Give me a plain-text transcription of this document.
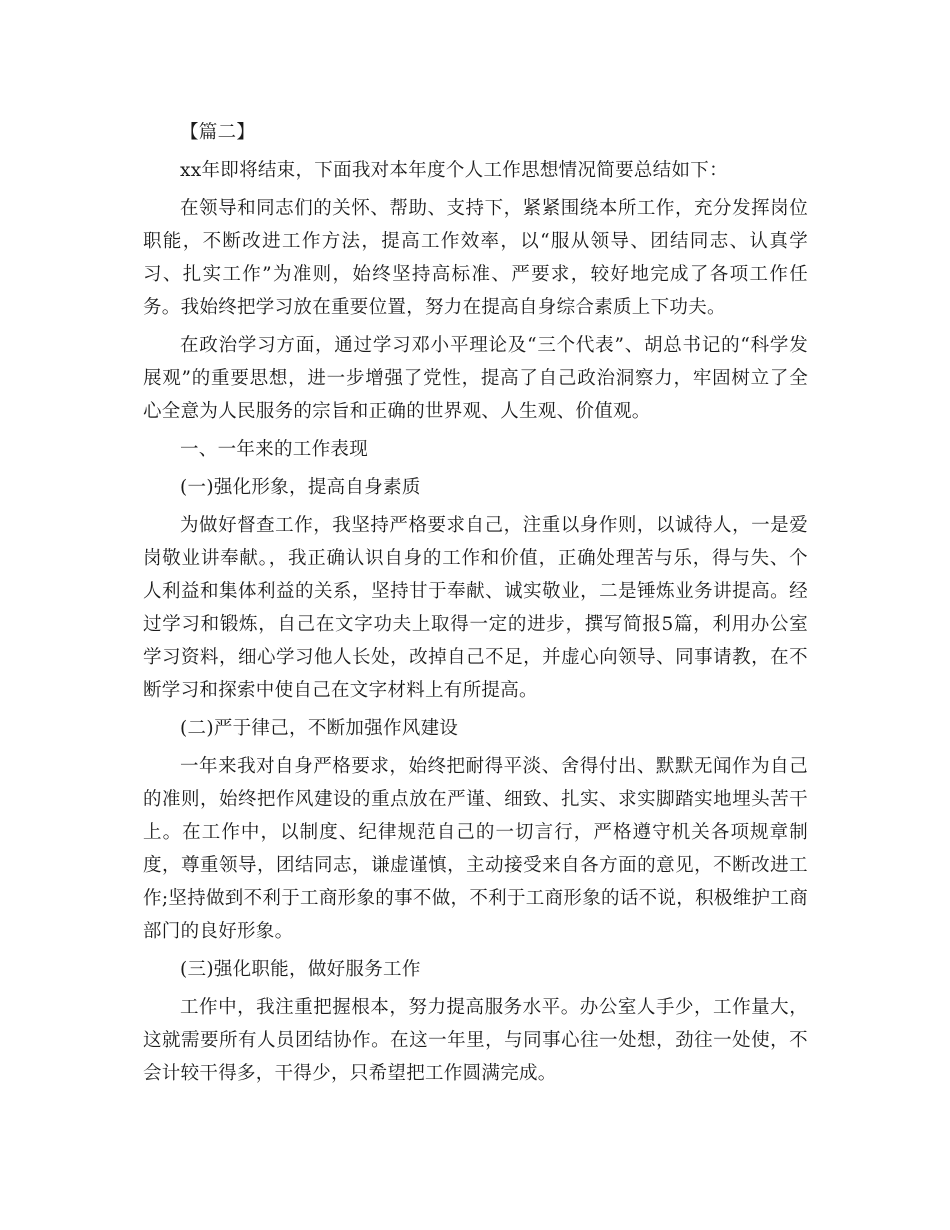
【篇二】

xx年即将结束，下面我对本年度个人工作思想情况简要总结如下：

在领导和同志们的关怀、帮助、支持下，紧紧围绕本所工作，充分发挥岗位职能，不断改进工作方法，提高工作效率，以“服从领导、团结同志、认真学习、扎实工作”为准则，始终坚持高标准、严要求，较好地完成了各项工作任务。我始终把学习放在重要位置，努力在提高自身综合素质上下功夫。

在政治学习方面，通过学习邓小平理论及“三个代表”、胡总书记的“科学发展观”的重要思想，进一步增强了党性，提高了自己政治洞察力，牢固树立了全心全意为人民服务的宗旨和正确的世界观、人生观、价值观。

一、一年来的工作表现

(一)强化形象，提高自身素质

为做好督查工作，我坚持严格要求自己，注重以身作则，以诚待人，一是爱岗敬业讲奉献。，我正确认识自身的工作和价值，正确处理苦与乐，得与失、个人利益和集体利益的关系，坚持甘于奉献、诚实敬业，二是锤炼业务讲提高。经过学习和锻炼，自己在文字功夫上取得一定的进步，撰写简报5篇，利用办公室学习资料，细心学习他人长处，改掉自己不足，并虚心向领导、同事请教，在不断学习和探索中使自己在文字材料上有所提高。

(二)严于律己，不断加强作风建设

一年来我对自身严格要求，始终把耐得平淡、舍得付出、默默无闻作为自己的准则，始终把作风建设的重点放在严谨、细致、扎实、求实脚踏实地埋头苦干上。在工作中，以制度、纪律规范自己的一切言行，严格遵守机关各项规章制度，尊重领导，团结同志，谦虚谨慎，主动接受来自各方面的意见，不断改进工作;坚持做到不利于工商形象的事不做，不利于工商形象的话不说，积极维护工商部门的良好形象。

(三)强化职能，做好服务工作

工作中，我注重把握根本，努力提高服务水平。办公室人手少，工作量大，这就需要所有人员团结协作。在这一年里，与同事心往一处想，劲往一处使，不会计较干得多，干得少，只希望把工作圆满完成。
